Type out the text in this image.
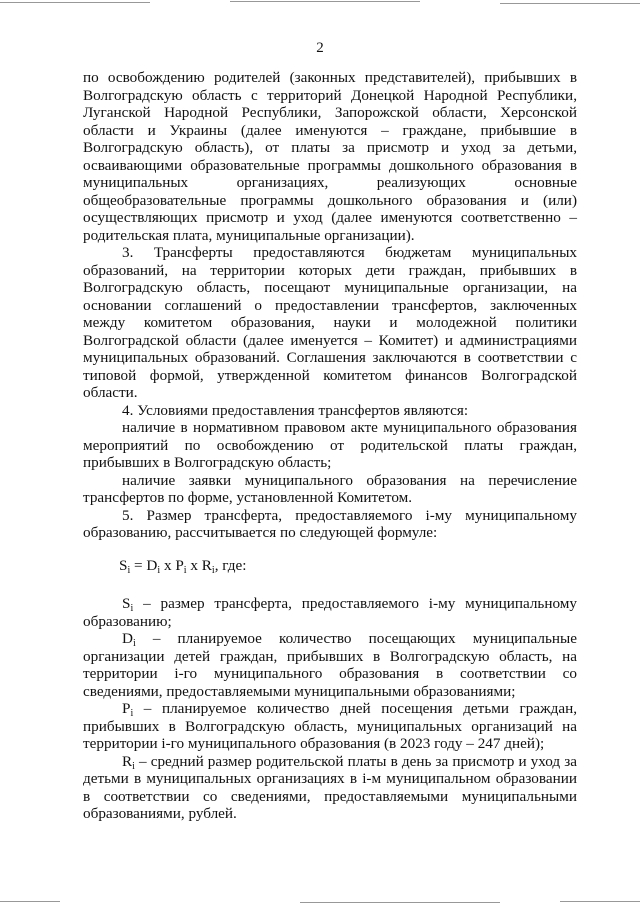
2

по освобождению родителей (законных представителей), прибывших в Волгоградскую область с территорий Донецкой Народной Республики, Луганской Народной Республики, Запорожской области, Херсонской области и Украины (далее именуются – граждане, прибывшие в Волгоградскую область), от платы за присмотр и уход за детьми, осваивающими образовательные программы дошкольного образования в муниципальных организациях, реализующих основные общеобразовательные программы дошкольного образования и (или) осуществляющих присмотр и уход (далее именуются соответственно – родительская плата, муниципальные организации).

3. Трансферты предоставляются бюджетам муниципальных образований, на территории которых дети граждан, прибывших в Волгоградскую область, посещают муниципальные организации, на основании соглашений о предоставлении трансфертов, заключенных между комитетом образования, науки и молодежной политики Волгоградской области (далее именуется – Комитет) и администрациями муниципальных образований. Соглашения заключаются в соответствии с типовой формой, утвержденной комитетом финансов Волгоградской области.

4. Условиями предоставления трансфертов являются:

наличие в нормативном правовом акте муниципального образования мероприятий по освобождению от родительской платы граждан, прибывших в Волгоградскую область;

наличие заявки муниципального образования на перечисление трансфертов по форме, установленной Комитетом.

5. Размер трансферта, предоставляемого i-му муниципальному образованию, рассчитывается по следующей формуле:

$S_i = D_i$ x $P_i$ x $R_i$, где:

$S_i$ – размер трансферта, предоставляемого i-му муниципальному образованию;

$D_i$ – планируемое количество посещающих муниципальные организации детей граждан, прибывших в Волгоградскую область, на территории i-го муниципального образования в соответствии со сведениями, предоставляемыми муниципальными образованиями;

$P_i$ – планируемое количество дней посещения детьми граждан, прибывших в Волгоградскую область, муниципальных организаций на территории i-го муниципального образования (в 2023 году – 247 дней);

$R_i$ – средний размер родительской платы в день за присмотр и уход за детьми в муниципальных организациях в i-м муниципальном образовании в соответствии со сведениями, предоставляемыми муниципальными образованиями, рублей.
